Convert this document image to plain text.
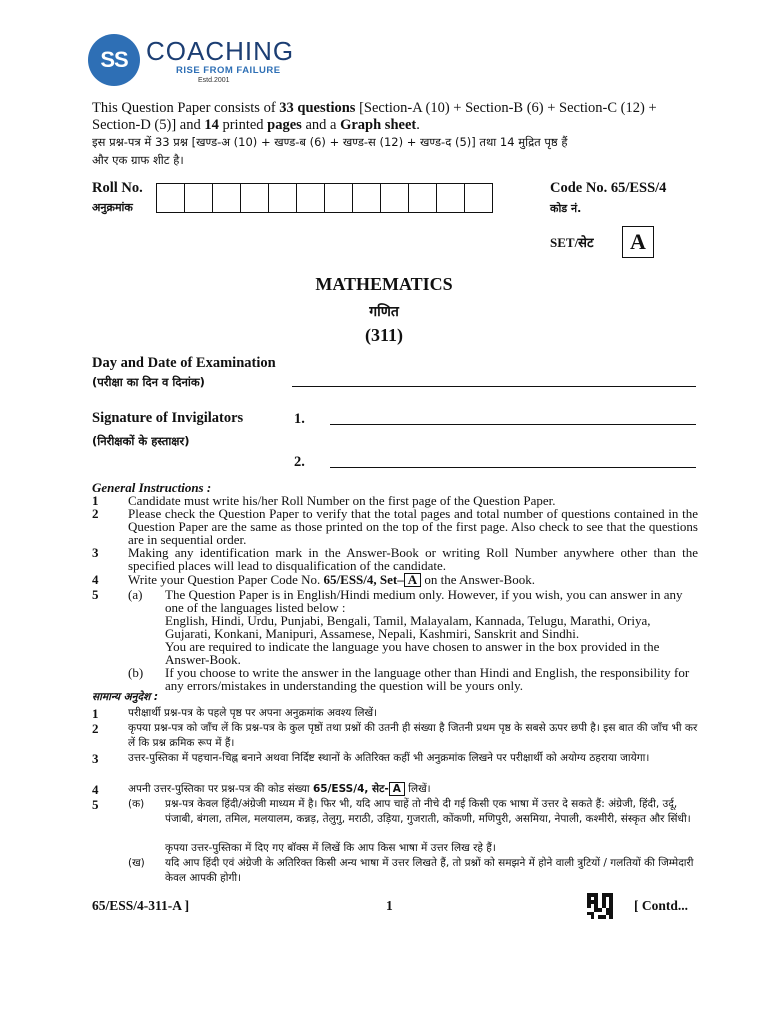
SS COACHING
RISE FROM FAILURE
Estd.2001
This Question Paper consists of 33 questions [Section-A (10) + Section-B (6) + Section-C (12) + Section-D (5)] and 14 printed pages and a Graph sheet.
इस प्रश्न-पत्र में 33 प्रश्न [खण्ड-अ (10) + खण्ड-ब (6) + खण्ड-स (12) + खण्ड-द (5)] तथा 14 मुद्रित पृष्ठ हैं
और एक ग्राफ शीट है।
Roll No.
अनुक्रमांक
Code No. 65/ESS/4
कोड नं.
SET/सेट	A
MATHEMATICS
गणित
(311)
Day and Date of Examination
(परीक्षा का दिन व दिनांक)
Signature of Invigilators
(निरीक्षकों के हस्ताक्षर)
1.
2.
General Instructions :
1 Candidate must write his/her Roll Number on the first page of the Question Paper.
2 Please check the Question Paper to verify that the total pages and total number of questions contained in the Question Paper are the same as those printed on the top of the first page. Also check to see that the questions are in sequential order.
3 Making any identification mark in the Answer-Book or writing Roll Number anywhere other than the specified places will lead to disqualification of the candidate.
4 Write your Question Paper Code No. 65/ESS/4, Set– A on the Answer-Book.
5 (a) The Question Paper is in English/Hindi medium only. However, if you wish, you can answer in any one of the languages listed below :
English, Hindi, Urdu, Punjabi, Bengali, Tamil, Malayalam, Kannada, Telugu, Marathi, Oriya, Gujarati, Konkani, Manipuri, Assamese, Nepali, Kashmiri, Sanskrit and Sindhi.
You are required to indicate the language you have chosen to answer in the box provided in the Answer-Book.
(b) If you choose to write the answer in the language other than Hindi and English, the responsibility for any errors/mistakes in understanding the question will be yours only.
सामान्य अनुदेश :
1	परीक्षार्थी प्रश्न-पत्र के पहले पृष्ठ पर अपना अनुक्रमांक अवश्य लिखें।
2	कृपया प्रश्न-पत्र को जाँच लें कि प्रश्न-पत्र के कुल पृष्ठों तथा प्रश्नों की उतनी ही संख्या है जितनी प्रथम पृष्ठ के सबसे ऊपर छपी है। इस बात की जाँच भी कर लें कि प्रश्न क्रमिक रूप में हैं।
3	उत्तर-पुस्तिका में पहचान-चिह्न बनाने अथवा निर्दिष्ट स्थानों के अतिरिक्त कहीं भी अनुक्रमांक लिखने पर परीक्षार्थी को अयोग्य ठहराया जायेगा।
4	अपनी उत्तर-पुस्तिका पर प्रश्न-पत्र की कोड संख्या 65/ESS/4, सेट- A लिखें।
5	(क) प्रश्न-पत्र केवल हिंदी/अंग्रेजी माध्यम में है। फिर भी, यदि आप चाहें तो नीचे दी गई किसी एक भाषा में उत्तर दे सकते हैं: अंग्रेजी, हिंदी, उर्दू, पंजाबी, बंगला, तमिल, मलयालम, कन्नड़, तेलुगु, मराठी, उड़िया, गुजराती, कोंकणी, मणिपुरी, असमिया, नेपाली, कश्मीरी, संस्कृत और सिंधी।
कृपया उत्तर-पुस्तिका में दिए गए बॉक्स में लिखें कि आप किस भाषा में उत्तर लिख रहे हैं।
(ख) यदि आप हिंदी एवं अंग्रेजी के अतिरिक्त किसी अन्य भाषा में उत्तर लिखते हैं, तो प्रश्नों को समझने में होने वाली त्रुटियों / गलतियों की जिम्मेदारी केवल आपकी होगी।
65/ESS/4-311-A ]	1	[ Contd...
